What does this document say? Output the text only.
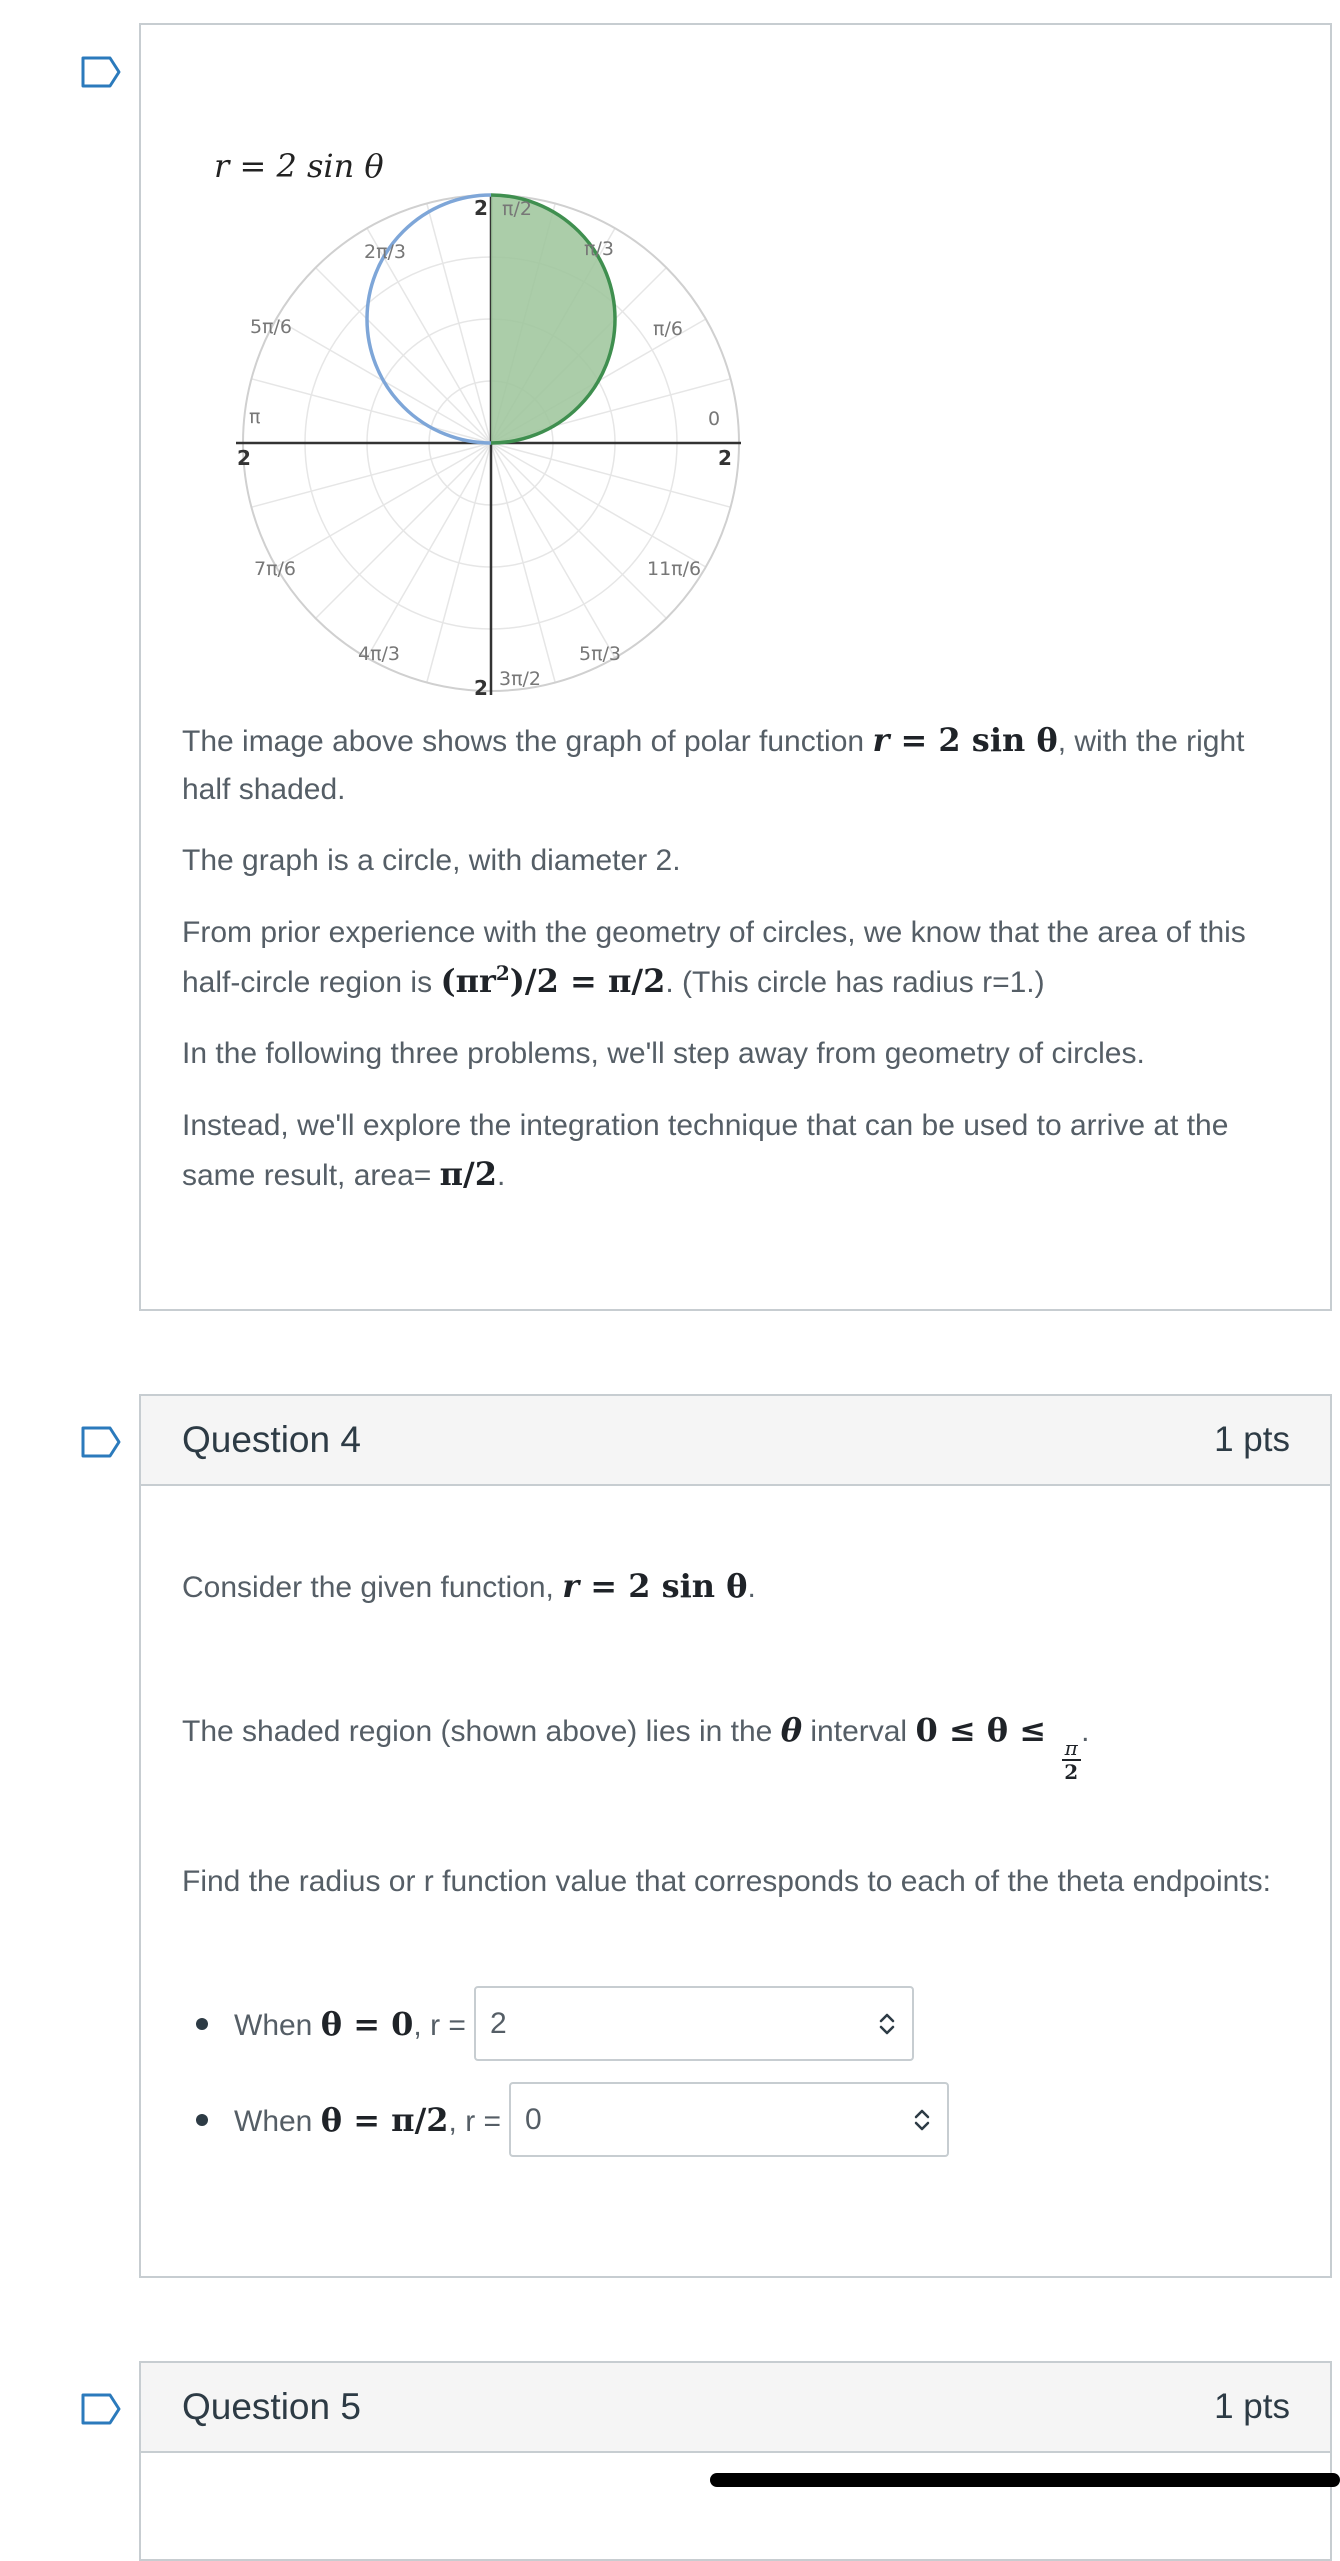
r = 2 sin θ
π/2
π/3
2π/3
5π/6	π/6
π	0
7π/6	11π/6
4π/3	5π/3
3π/2
2
2	2
2
The image above shows the graph of polar function r = 2 sin θ, with the right half shaded.
The graph is a circle, with diameter 2.
From prior experience with the geometry of circles, we know that the area of this half-circle region is $(\pi r^2)/2 = \pi/2$. (This circle has radius r=1.)
In the following three problems, we'll step away from geometry of circles.
Instead, we'll explore the integration technique that can be used to arrive at the same result, area= π/2.
Question 4	1 pts
Consider the given function, r = 2 sin θ.
The shaded region (shown above) lies in the θ interval 0 ≤ θ ≤
$\frac{\pi}{2}$
.
Find the radius or r function value that corresponds to each of the theta endpoints:
When θ = 0, r = 2
When θ = π/2, r = 0
Question 5	1 pts
